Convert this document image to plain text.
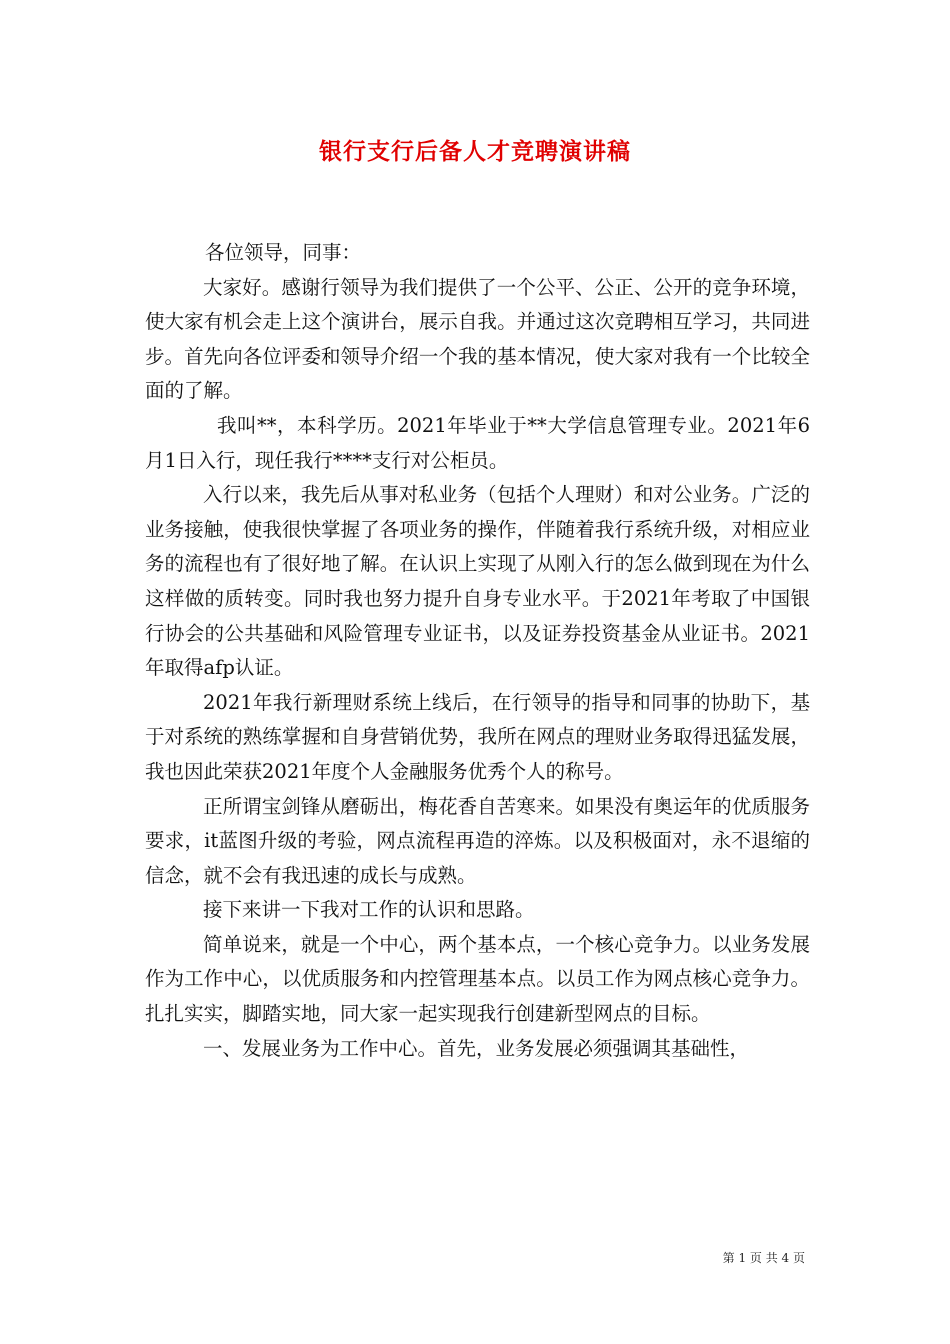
银行支行后备人才竞聘演讲稿

各位领导，同事：

大家好。感谢行领导为我们提供了一个公平、公正、公开的竞争环境，使大家有机会走上这个演讲台，展示自我。并通过这次竞聘相互学习，共同进步。首先向各位评委和领导介绍一个我的基本情况，使大家对我有一个比较全面的了解。

我叫**，本科学历。2021年毕业于**大学信息管理专业。2021年6月1日入行，现任我行****支行对公柜员。

入行以来，我先后从事对私业务（包括个人理财）和对公业务。广泛的业务接触，使我很快掌握了各项业务的操作，伴随着我行系统升级，对相应业务的流程也有了很好地了解。在认识上实现了从刚入行的怎么做到现在为什么这样做的质转变。同时我也努力提升自身专业水平。于2021年考取了中国银行协会的公共基础和风险管理专业证书，以及证券投资基金从业证书。2021年取得afp认证。

2021年我行新理财系统上线后，在行领导的指导和同事的协助下，基于对系统的熟练掌握和自身营销优势，我所在网点的理财业务取得迅猛发展，我也因此荣获2021年度个人金融服务优秀个人的称号。

正所谓宝剑锋从磨砺出，梅花香自苦寒来。如果没有奥运年的优质服务要求，it蓝图升级的考验，网点流程再造的淬炼。以及积极面对，永不退缩的信念，就不会有我迅速的成长与成熟。

接下来讲一下我对工作的认识和思路。

简单说来，就是一个中心，两个基本点，一个核心竞争力。以业务发展作为工作中心，以优质服务和内控管理基本点。以员工作为网点核心竞争力。扎扎实实，脚踏实地，同大家一起实现我行创建新型网点的目标。

一、发展业务为工作中心。首先，业务发展必须强调其基础性，

第 1 页 共 4 页
